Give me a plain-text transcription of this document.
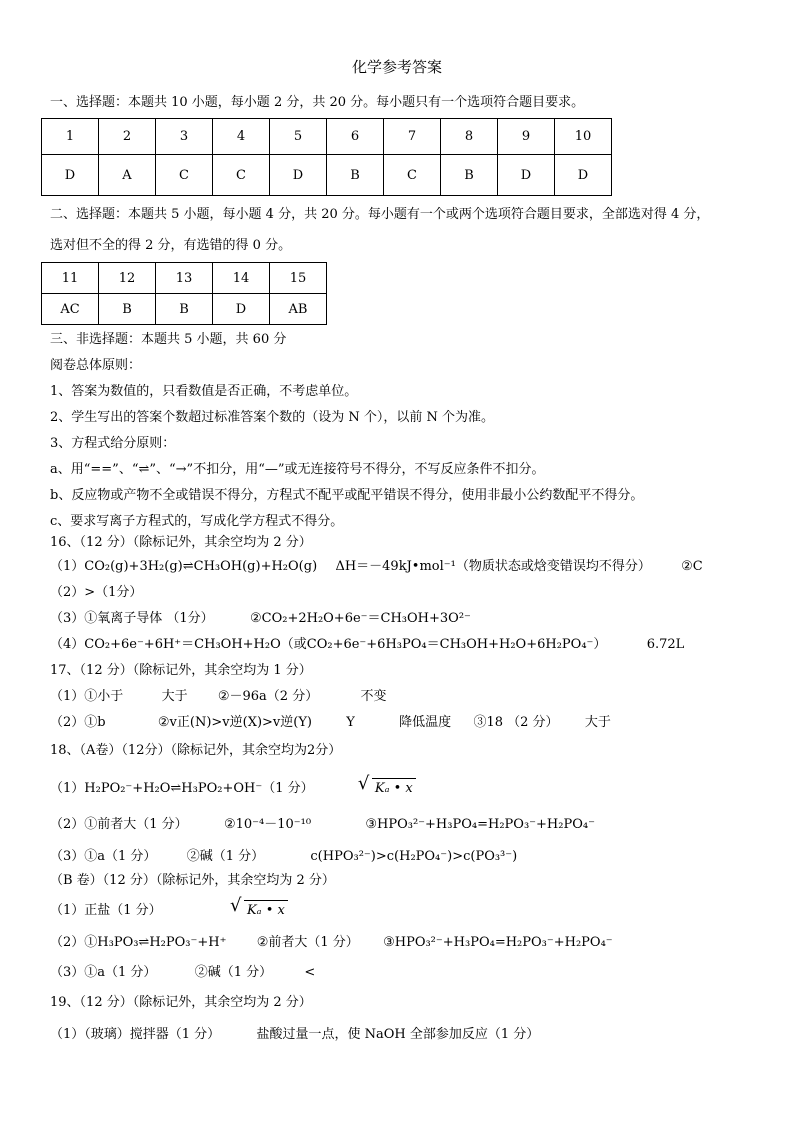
化学参考答案
一、选择题：本题共 10 小题，每小题 2 分，共 20 分。每小题只有一个选项符合题目要求。
1	2	3	4	5	6	7	8	9	10
D	A	C	C	D	B	C	B	D	D
二、选择题：本题共 5 小题，每小题 4 分，共 20 分。每小题有一个或两个选项符合题目要求，全部选对得 4 分，
选对但不全的得 2 分，有选错的得 0 分。
11	12	13	14	15
AC	B	B	D	AB
三、非选择题：本题共 5 小题，共 60 分
阅卷总体原则：
1、答案为数值的，只看数值是否正确，不考虑单位。
2、学生写出的答案个数超过标准答案个数的（设为 N 个），以前 N 个为准。
3、方程式给分原则：
a、用“==”、“⇌”、“→”不扣分，用“—”或无连接符号不得分，不写反应条件不扣分。
b、反应物或产物不全或错误不得分，方程式不配平或配平错误不得分，使用非最小公约数配平不得分。
c、要求写离子方程式的，写成化学方程式不得分。
16、（12 分）（除标记外，其余空均为 2 分）
（1）CO₂(g)+3H₂(g)⇌CH₃OH(g)+H₂O(g) ΔH＝－49kJ•mol⁻¹（物质状态或焓变错误均不得分） ②C
（2）>（1分）
（3）①氧离子导体 （1分）	②CO₂+2H₂O+6e⁻＝CH₃OH+3O²⁻
（4）CO₂+6e⁻+6H⁺＝CH₃OH+H₂O（或CO₂+6e⁻+6H₃PO₄＝CH₃OH+H₂O+6H₂PO₄⁻）	6.72L
17、（12 分）（除标记外，其余空均为 1 分）
（1）①小于	大于 ②－96a（2 分）	不变
（2）①b	②v正(N)>v逆(X)>v逆(Y)	Y	降低温度 ③18 （2 分） 大于
18、（A卷）（12分）（除标记外，其余空均为2分）
（1）H₂PO₂⁻+H₂O⇌H₃PO₂+OH⁻（1 分） √ Kₐ • x
（2）①前者大（1 分）	②10⁻⁴－10⁻¹⁰	③HPO₃²⁻+H₃PO₄=H₂PO₃⁻+H₂PO₄⁻
（3）①a（1 分） ②碱（1 分）	c(HPO₃²⁻)>c(H₂PO₄⁻)>c(PO₃³⁻)
（B 卷）（12 分）（除标记外，其余空均为 2 分）
（1）正盐（1 分）	√ Kₐ • x
（2）①H₃PO₃⇌H₂PO₃⁻+H⁺ ②前者大（1 分） ③HPO₃²⁻+H₃PO₄=H₂PO₃⁻+H₂PO₄⁻
（3）①a（1 分）	②碱（1 分） <
19、（12 分）（除标记外，其余空均为 2 分）
（1）（玻璃）搅拌器（1 分）	盐酸过量一点，使 NaOH 全部参加反应（1 分）
